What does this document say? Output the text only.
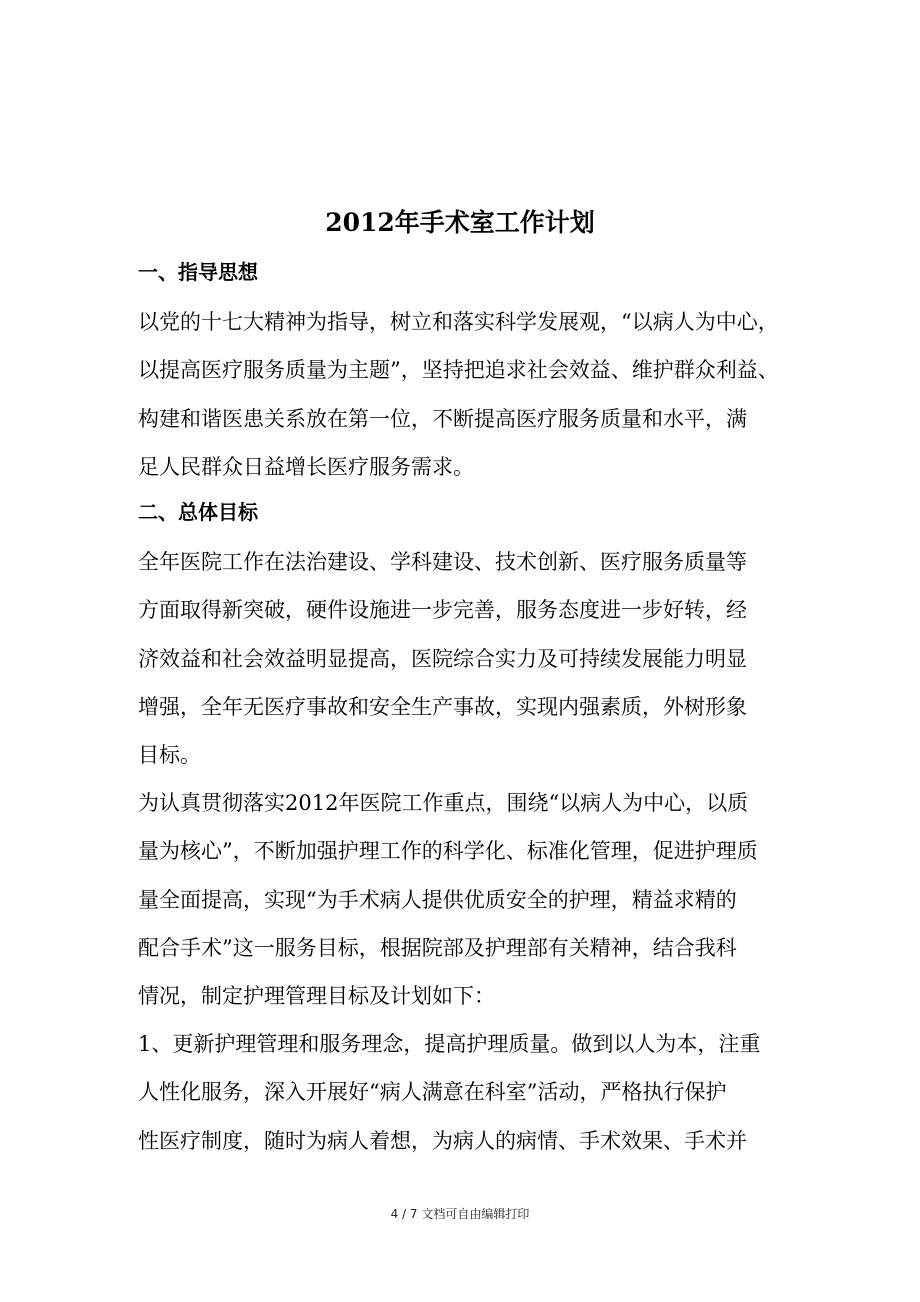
2012年手术室工作计划
一、指导思想

以党的十七大精神为指导，树立和落实科学发展观，“以病人为中心，
以提高医疗服务质量为主题”，坚持把追求社会效益、维护群众利益、
构建和谐医患关系放在第一位，不断提高医疗服务质量和水平，满
足人民群众日益增长医疗服务需求。

二、总体目标

全年医院工作在法治建设、学科建设、技术创新、医疗服务质量等
方面取得新突破，硬件设施进一步完善，服务态度进一步好转，经
济效益和社会效益明显提高，医院综合实力及可持续发展能力明显
增强，全年无医疗事故和安全生产事故，实现内强素质，外树形象
目标。

为认真贯彻落实2012年医院工作重点，围绕“以病人为中心，以质
量为核心”，不断加强护理工作的科学化、标准化管理，促进护理质
量全面提高，实现“为手术病人提供优质安全的护理，精益求精的
配合手术”这一服务目标，根据院部及护理部有关精神，结合我科
情况，制定护理管理目标及计划如下：

1、更新护理管理和服务理念，提高护理质量。做到以人为本，注重
人性化服务，深入开展好“病人满意在科室”活动，严格执行保护
性医疗制度，随时为病人着想，为病人的病情、手术效果、手术并

4 / 7 文档可自由编辑打印
